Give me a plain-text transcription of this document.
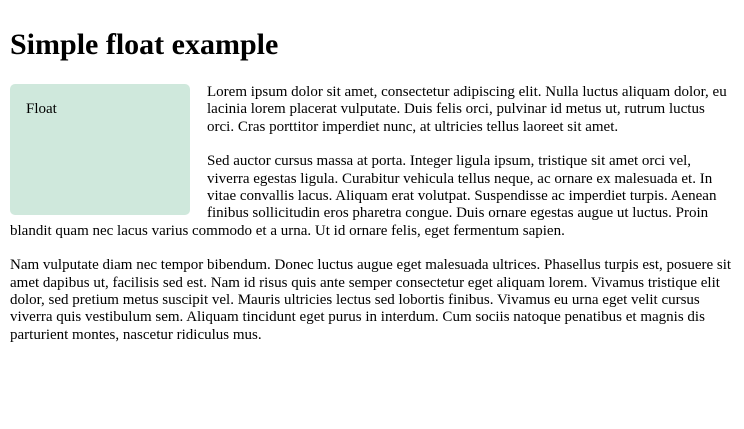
Simple float example
Float

Lorem ipsum dolor sit amet, consectetur adipiscing elit. Nulla luctus aliquam dolor, eu lacinia lorem placerat vulputate. Duis felis orci, pulvinar id metus ut, rutrum luctus orci. Cras porttitor imperdiet nunc, at ultricies tellus laoreet sit amet.

Sed auctor cursus massa at porta. Integer ligula ipsum, tristique sit amet orci vel, viverra egestas ligula. Curabitur vehicula tellus neque, ac ornare ex malesuada et. In vitae convallis lacus. Aliquam erat volutpat. Suspendisse ac imperdiet turpis. Aenean finibus sollicitudin eros pharetra congue. Duis ornare egestas augue ut luctus. Proin blandit quam nec lacus varius commodo et a urna. Ut id ornare felis, eget fermentum sapien.

Nam vulputate diam nec tempor bibendum. Donec luctus augue eget malesuada ultrices. Phasellus turpis est, posuere sit amet dapibus ut, facilisis sed est. Nam id risus quis ante semper consectetur eget aliquam lorem. Vivamus tristique elit dolor, sed pretium metus suscipit vel. Mauris ultricies lectus sed lobortis finibus. Vivamus eu urna eget velit cursus viverra quis vestibulum sem. Aliquam tincidunt eget purus in interdum. Cum sociis natoque penatibus et magnis dis parturient montes, nascetur ridiculus mus.
